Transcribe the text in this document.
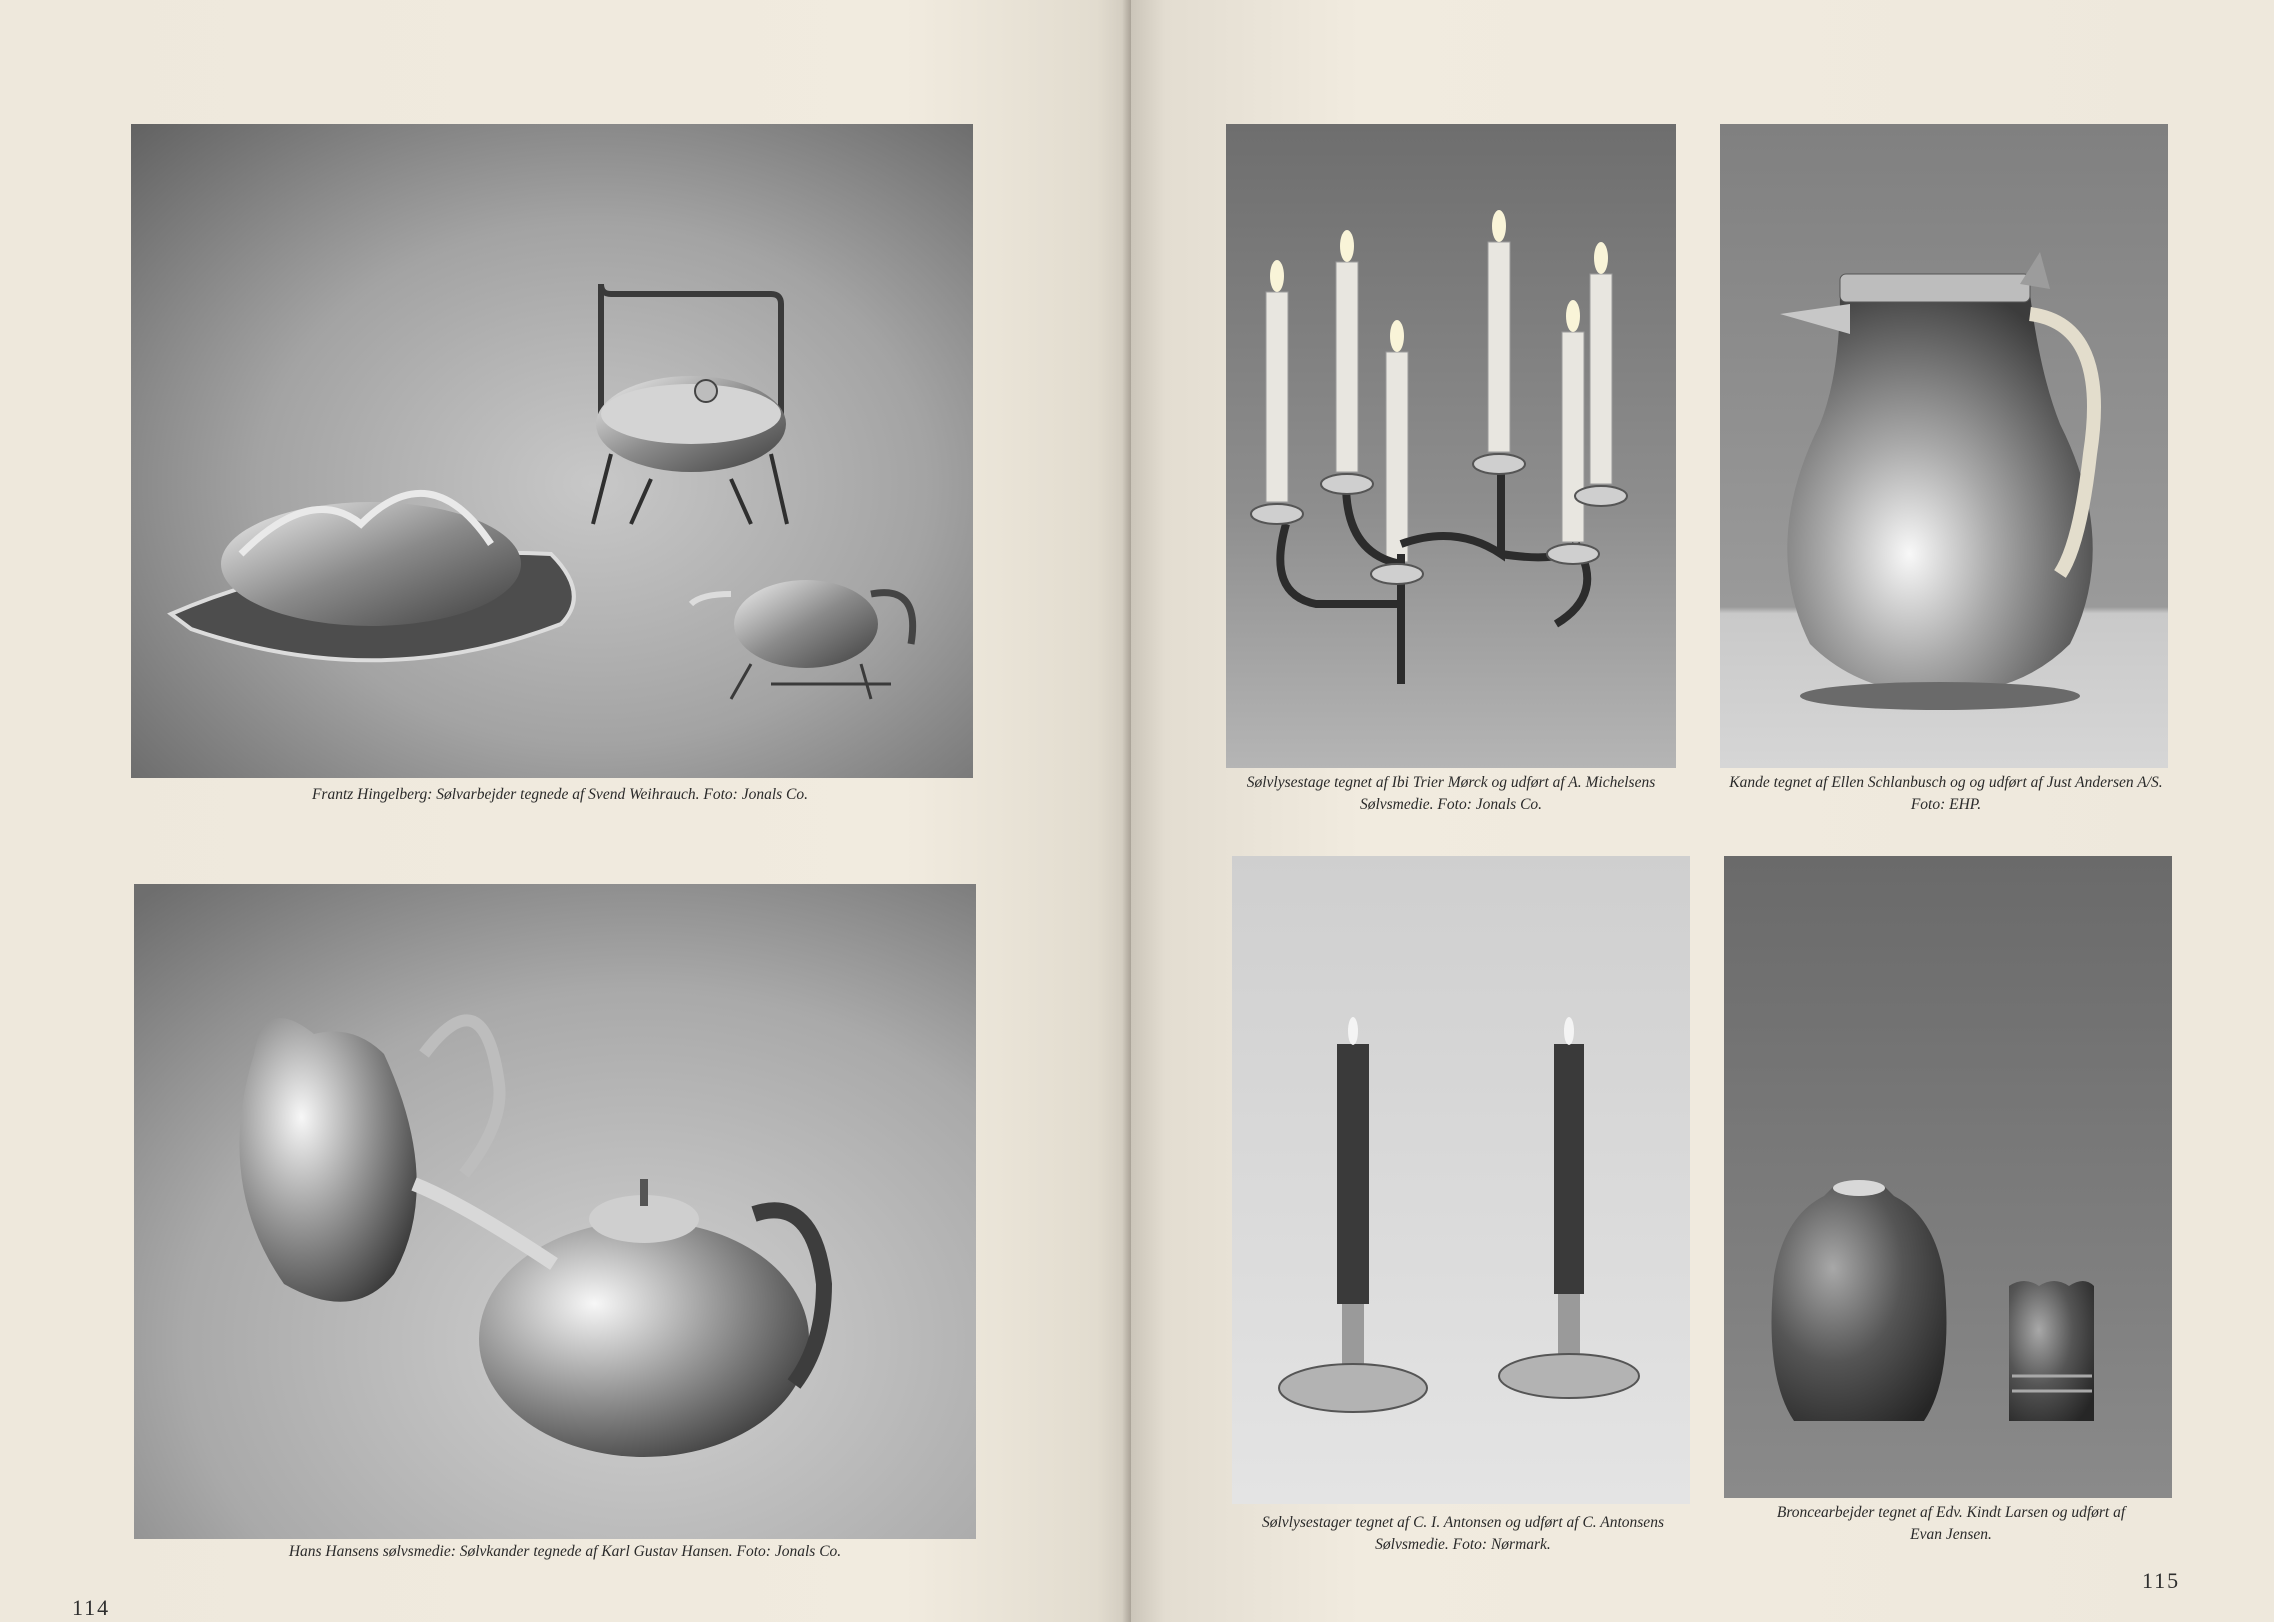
Frantz Hingelberg: Sølvarbejder tegnede af Svend Weihrauch. Foto: Jonals Co.
Hans Hansens sølvsmedie: Sølvkander tegnede af Karl Gustav Hansen. Foto: Jonals Co.
114
Sølvlysestage tegnet af Ibi Trier Mørck og udført af A. Michelsens Sølvsmedie. Foto: Jonals Co.
Kande tegnet af Ellen Schlanbusch og og udført af Just Andersen A/S. Foto: EHP.
Sølvlysestager tegnet af C. I. Antonsen og udført af C. Antonsens Sølvsmedie. Foto: Nørmark.
Broncearbejder tegnet af Edv. Kindt Larsen og udført af Evan Jensen.
115
